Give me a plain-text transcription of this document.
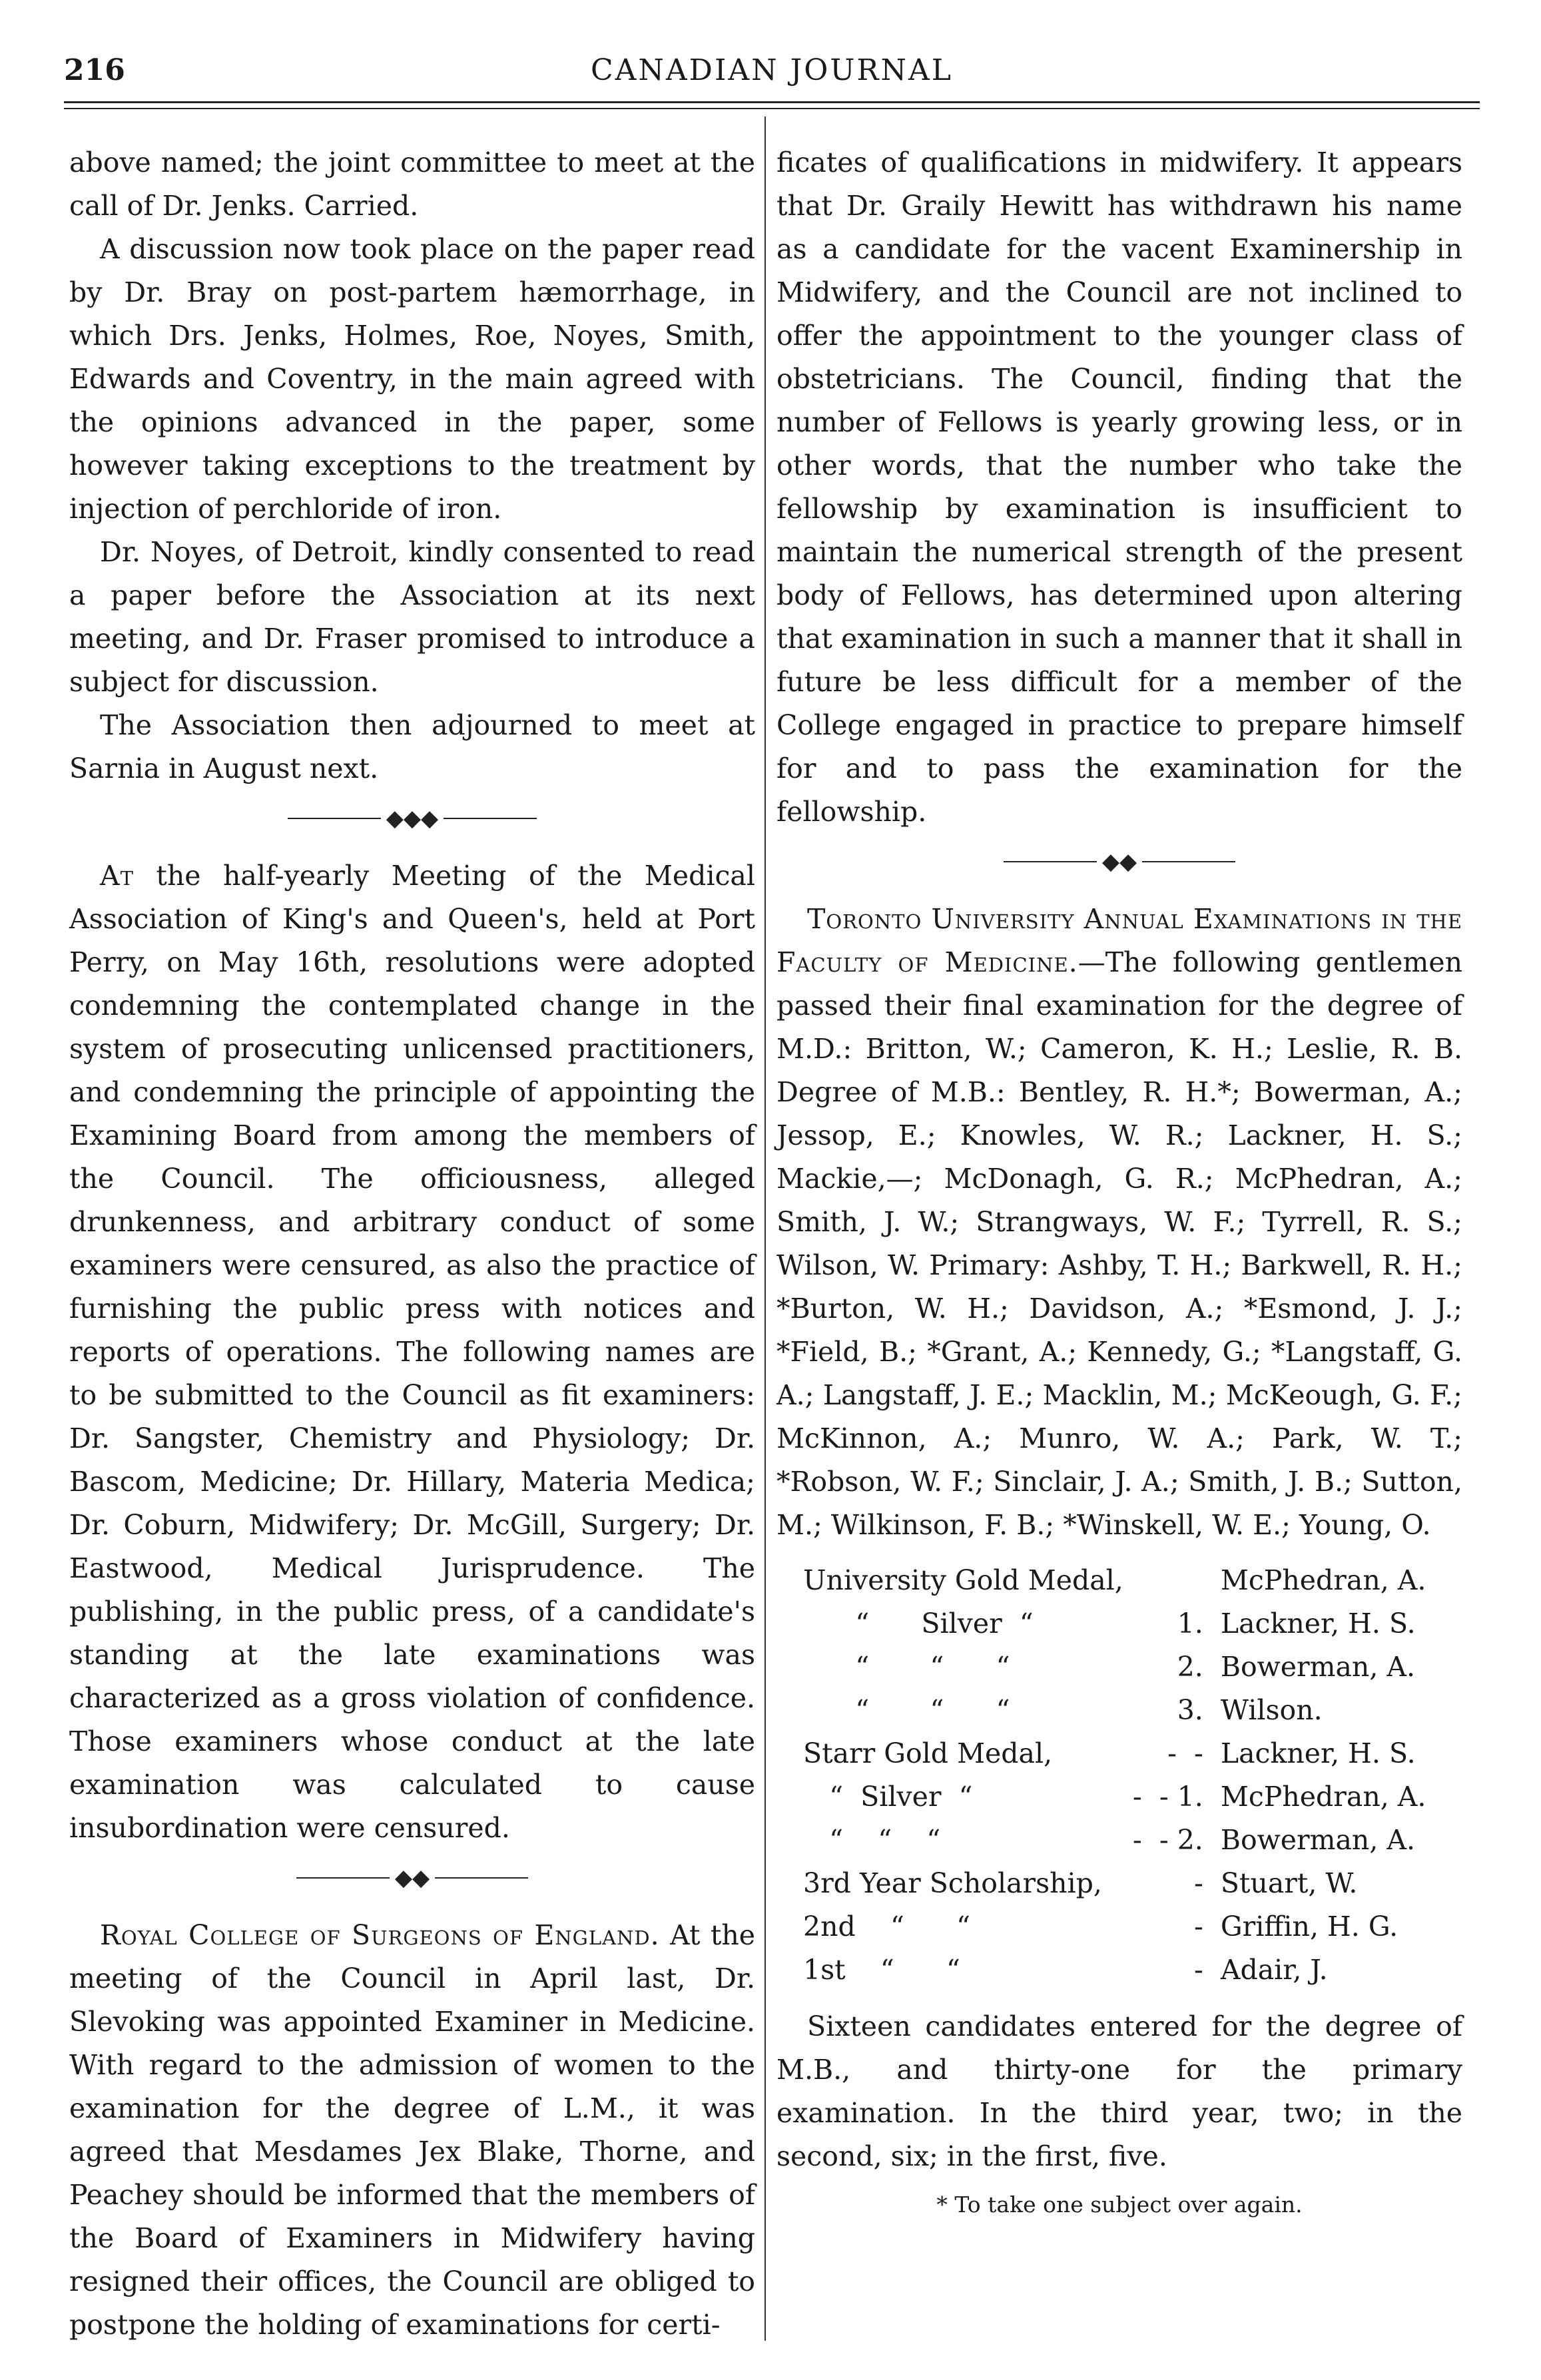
216	CANADIAN JOURNAL

above named; the joint committee to meet at the call of Dr. Jenks. Carried.

A discussion now took place on the paper read by Dr. Bray on post-partem hæmorrhage, in which Drs. Jenks, Holmes, Roe, Noyes, Smith, Edwards and Coventry, in the main agreed with the opinions advanced in the paper, some however taking exceptions to the treatment by injection of perchloride of iron.

Dr. Noyes, of Detroit, kindly consented to read a paper before the Association at its next meeting, and Dr. Fraser promised to introduce a subject for discussion.

The Association then adjourned to meet at Sarnia in August next.

◆◆◆

At the half-yearly Meeting of the Medical Association of King's and Queen's, held at Port Perry, on May 16th, resolutions were adopted condemning the contemplated change in the system of prosecuting unlicensed practitioners, and condemning the principle of appointing the Examining Board from among the members of the Council. The officiousness, alleged drunkenness, and arbitrary conduct of some examiners were censured, as also the practice of furnishing the public press with notices and reports of operations. The following names are to be submitted to the Council as fit examiners: Dr. Sangster, Chemistry and Physiology; Dr. Bascom, Medicine; Dr. Hillary, Materia Medica; Dr. Coburn, Midwifery; Dr. McGill, Surgery; Dr. Eastwood, Medical Jurisprudence. The publishing, in the public press, of a candidate's standing at the late examinations was characterized as a gross violation of confidence. Those examiners whose conduct at the late examination was calculated to cause insubordination were censured.

◆◆

Royal College of Surgeons of England. At the meeting of the Council in April last, Dr. Slevoking was appointed Examiner in Medicine. With regard to the admission of women to the examination for the degree of L.M., it was agreed that Mesdames Jex Blake, Thorne, and Peachey should be informed that the members of the Board of Examiners in Midwifery having resigned their offices, the Council are obliged to postpone the holding of examinations for certi-

ficates of qualifications in midwifery. It appears that Dr. Graily Hewitt has withdrawn his name as a candidate for the vacent Examinership in Midwifery, and the Council are not inclined to offer the appointment to the younger class of obstetricians. The Council, finding that the number of Fellows is yearly growing less, or in other words, that the number who take the fellowship by examination is insufficient to maintain the numerical strength of the present body of Fellows, has determined upon altering that examination in such a manner that it shall in future be less difficult for a member of the College engaged in practice to prepare himself for and to pass the examination for the fellowship.

◆◆

Toronto University Annual Examinations in the Faculty of Medicine.—The following gentlemen passed their final examination for the degree of M.D.: Britton, W.; Cameron, K. H.; Leslie, R. B. Degree of M.B.: Bentley, R. H.*; Bowerman, A.; Jessop, E.; Knowles, W. R.; Lackner, H. S.; Mackie,—; McDonagh, G. R.; McPhedran, A.; Smith, J. W.; Strangways, W. F.; Tyrrell, R. S.; Wilson, W. Primary: Ashby, T. H.; Barkwell, R. H.; *Burton, W. H.; Davidson, A.; *Esmond, J. J.; *Field, B.; *Grant, A.; Kennedy, G.; *Langstaff, G. A.; Langstaff, J. E.; Macklin, M.; McKeough, G. F.; McKinnon, A.; Munro, W. A.; Park, W. T.; *Robson, W. F.; Sinclair, J. A.; Smith, J. B.; Sutton, M.; Wilkinson, F. B.; *Winskell, W. E.; Young, O.

University Gold Medal,		McPhedran, A.
“      Silver  “	1.	Lackner, H. S.
“       “      “	2.	Bowerman, A.
“       “      “	3.	Wilson.
Starr Gold Medal,	-  -	Lackner, H. S.
“  Silver  “	-  - 1.	McPhedran, A.
“    “    “	-  - 2.	Bowerman, A.
3rd Year Scholarship,	-	Stuart, W.
2nd    “      “	-	Griffin, H. G.
1st    “      “	-	Adair, J.

Sixteen candidates entered for the degree of M.B., and thirty-one for the primary examination. In the third year, two; in the second, six; in the first, five.

* To take one subject over again.
